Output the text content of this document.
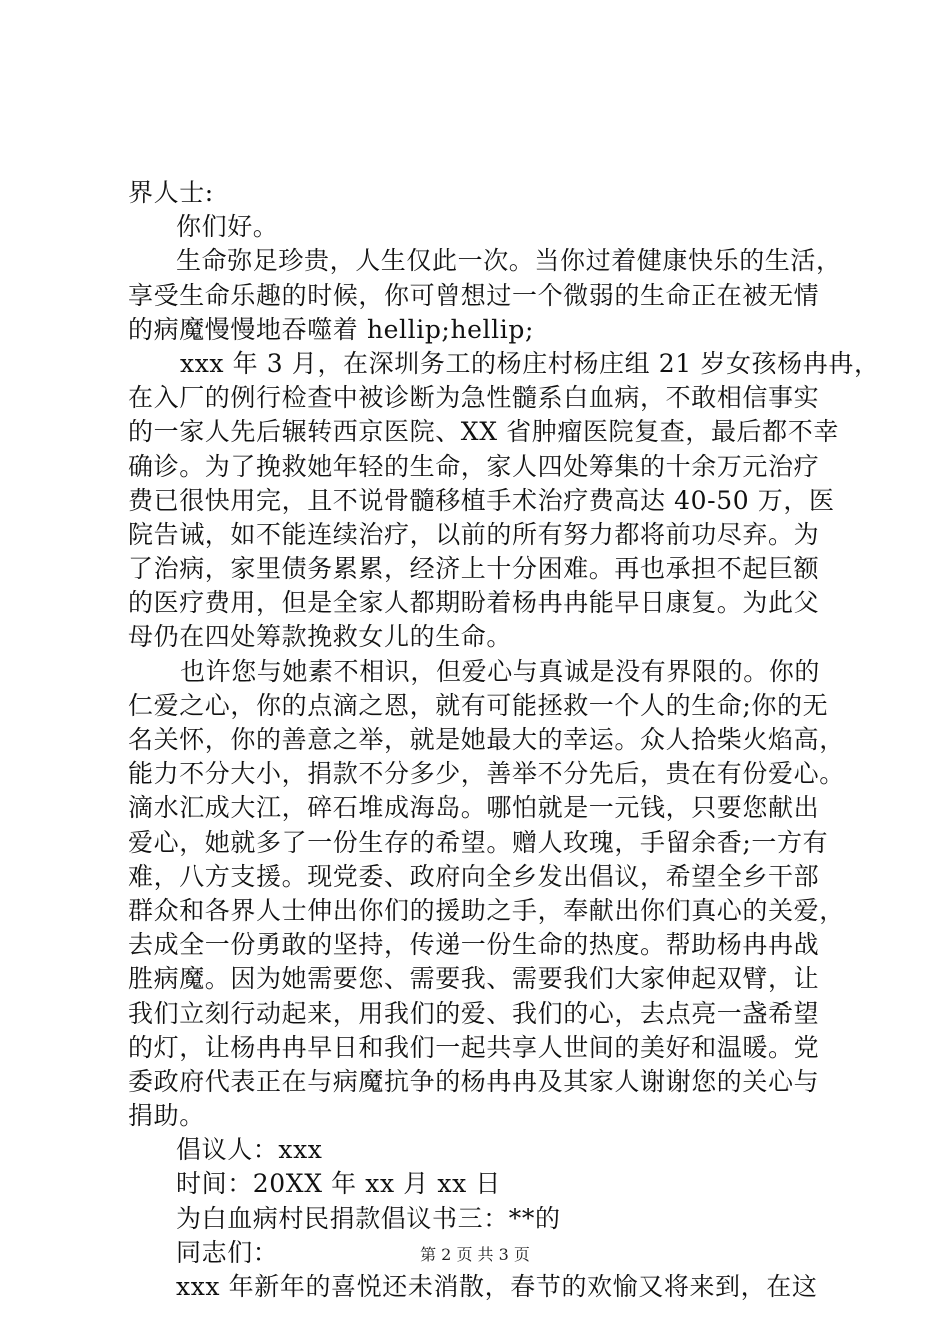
界人士:
你们好。
生命弥足珍贵，人生仅此一次。当你过着健康快乐的生活，
享受生命乐趣的时候，你可曾想过一个微弱的生命正在被无情
的病魔慢慢地吞噬着 hellip;hellip;
xxx 年 3 月，在深圳务工的杨庄村杨庄组 21 岁女孩杨冉冉，
在入厂的例行检查中被诊断为急性髓系白血病，不敢相信事实
的一家人先后辗转西京医院、XX 省肿瘤医院复查，最后都不幸
确诊。为了挽救她年轻的生命，家人四处筹集的十余万元治疗
费已很快用完，且不说骨髓移植手术治疗费高达 40-50 万，医
院告诫，如不能连续治疗，以前的所有努力都将前功尽弃。为
了治病，家里债务累累，经济上十分困难。再也承担不起巨额
的医疗费用，但是全家人都期盼着杨冉冉能早日康复。为此父
母仍在四处筹款挽救女儿的生命。
也许您与她素不相识，但爱心与真诚是没有界限的。你的
仁爱之心，你的点滴之恩，就有可能拯救一个人的生命;你的无
名关怀，你的善意之举，就是她最大的幸运。众人拾柴火焰高，
能力不分大小，捐款不分多少，善举不分先后，贵在有份爱心。
滴水汇成大江，碎石堆成海岛。哪怕就是一元钱，只要您献出
爱心，她就多了一份生存的希望。赠人玫瑰，手留余香;一方有
难，八方支援。现党委、政府向全乡发出倡议，希望全乡干部
群众和各界人士伸出你们的援助之手，奉献出你们真心的关爱，
去成全一份勇敢的坚持，传递一份生命的热度。帮助杨冉冉战
胜病魔。因为她需要您、需要我、需要我们大家伸起双臂，让
我们立刻行动起来，用我们的爱、我们的心，去点亮一盏希望
的灯，让杨冉冉早日和我们一起共享人世间的美好和温暖。党
委政府代表正在与病魔抗争的杨冉冉及其家人谢谢您的关心与
捐助。
倡议人：xxx
时间：20XX 年 xx 月 xx 日
为白血病村民捐款倡议书三：**的
同志们：
xxx 年新年的喜悦还未消散，春节的欢愉又将来到，在这
第 2 页 共 3 页
